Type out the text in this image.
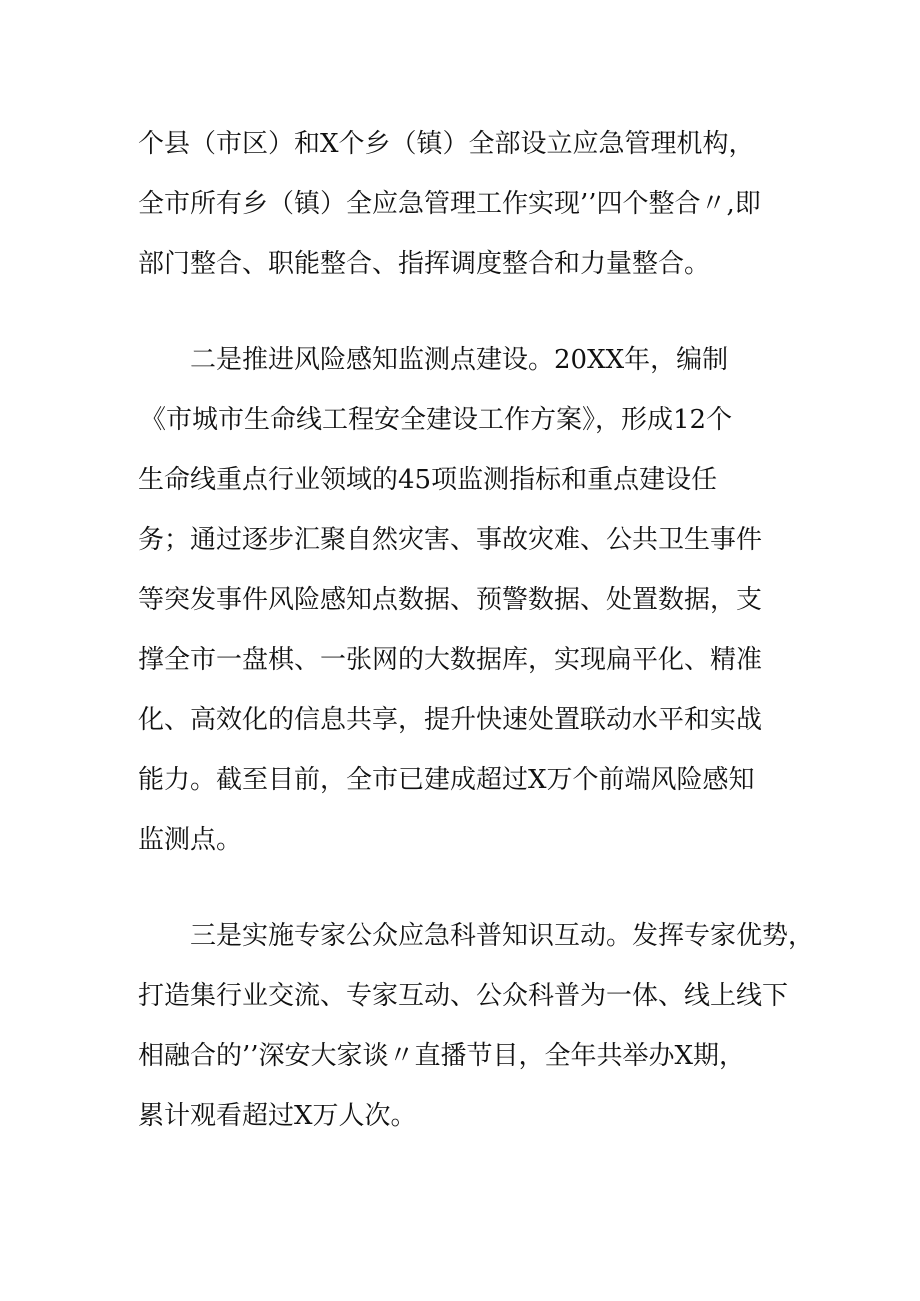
个县（市区）和X个乡（镇）全部设立应急管理机构，
全市所有乡（镇）全应急管理工作实现’’四个整合〃,即
部门整合、职能整合、指挥调度整合和力量整合。
二是推进风险感知监测点建设。20XX年，编制
《市城市生命线工程安全建设工作方案》，形成12个
生命线重点行业领域的45项监测指标和重点建设任
务；通过逐步汇聚自然灾害、事故灾难、公共卫生事件
等突发事件风险感知点数据、预警数据、处置数据，支
撑全市一盘棋、一张网的大数据库，实现扁平化、精准
化、高效化的信息共享，提升快速处置联动水平和实战
能力。截至目前，全市已建成超过X万个前端风险感知
监测点。
三是实施专家公众应急科普知识互动。发挥专家优势，
打造集行业交流、专家互动、公众科普为一体、线上线下
相融合的’’深安大家谈〃直播节目，全年共举办X期，
累计观看超过X万人次。
